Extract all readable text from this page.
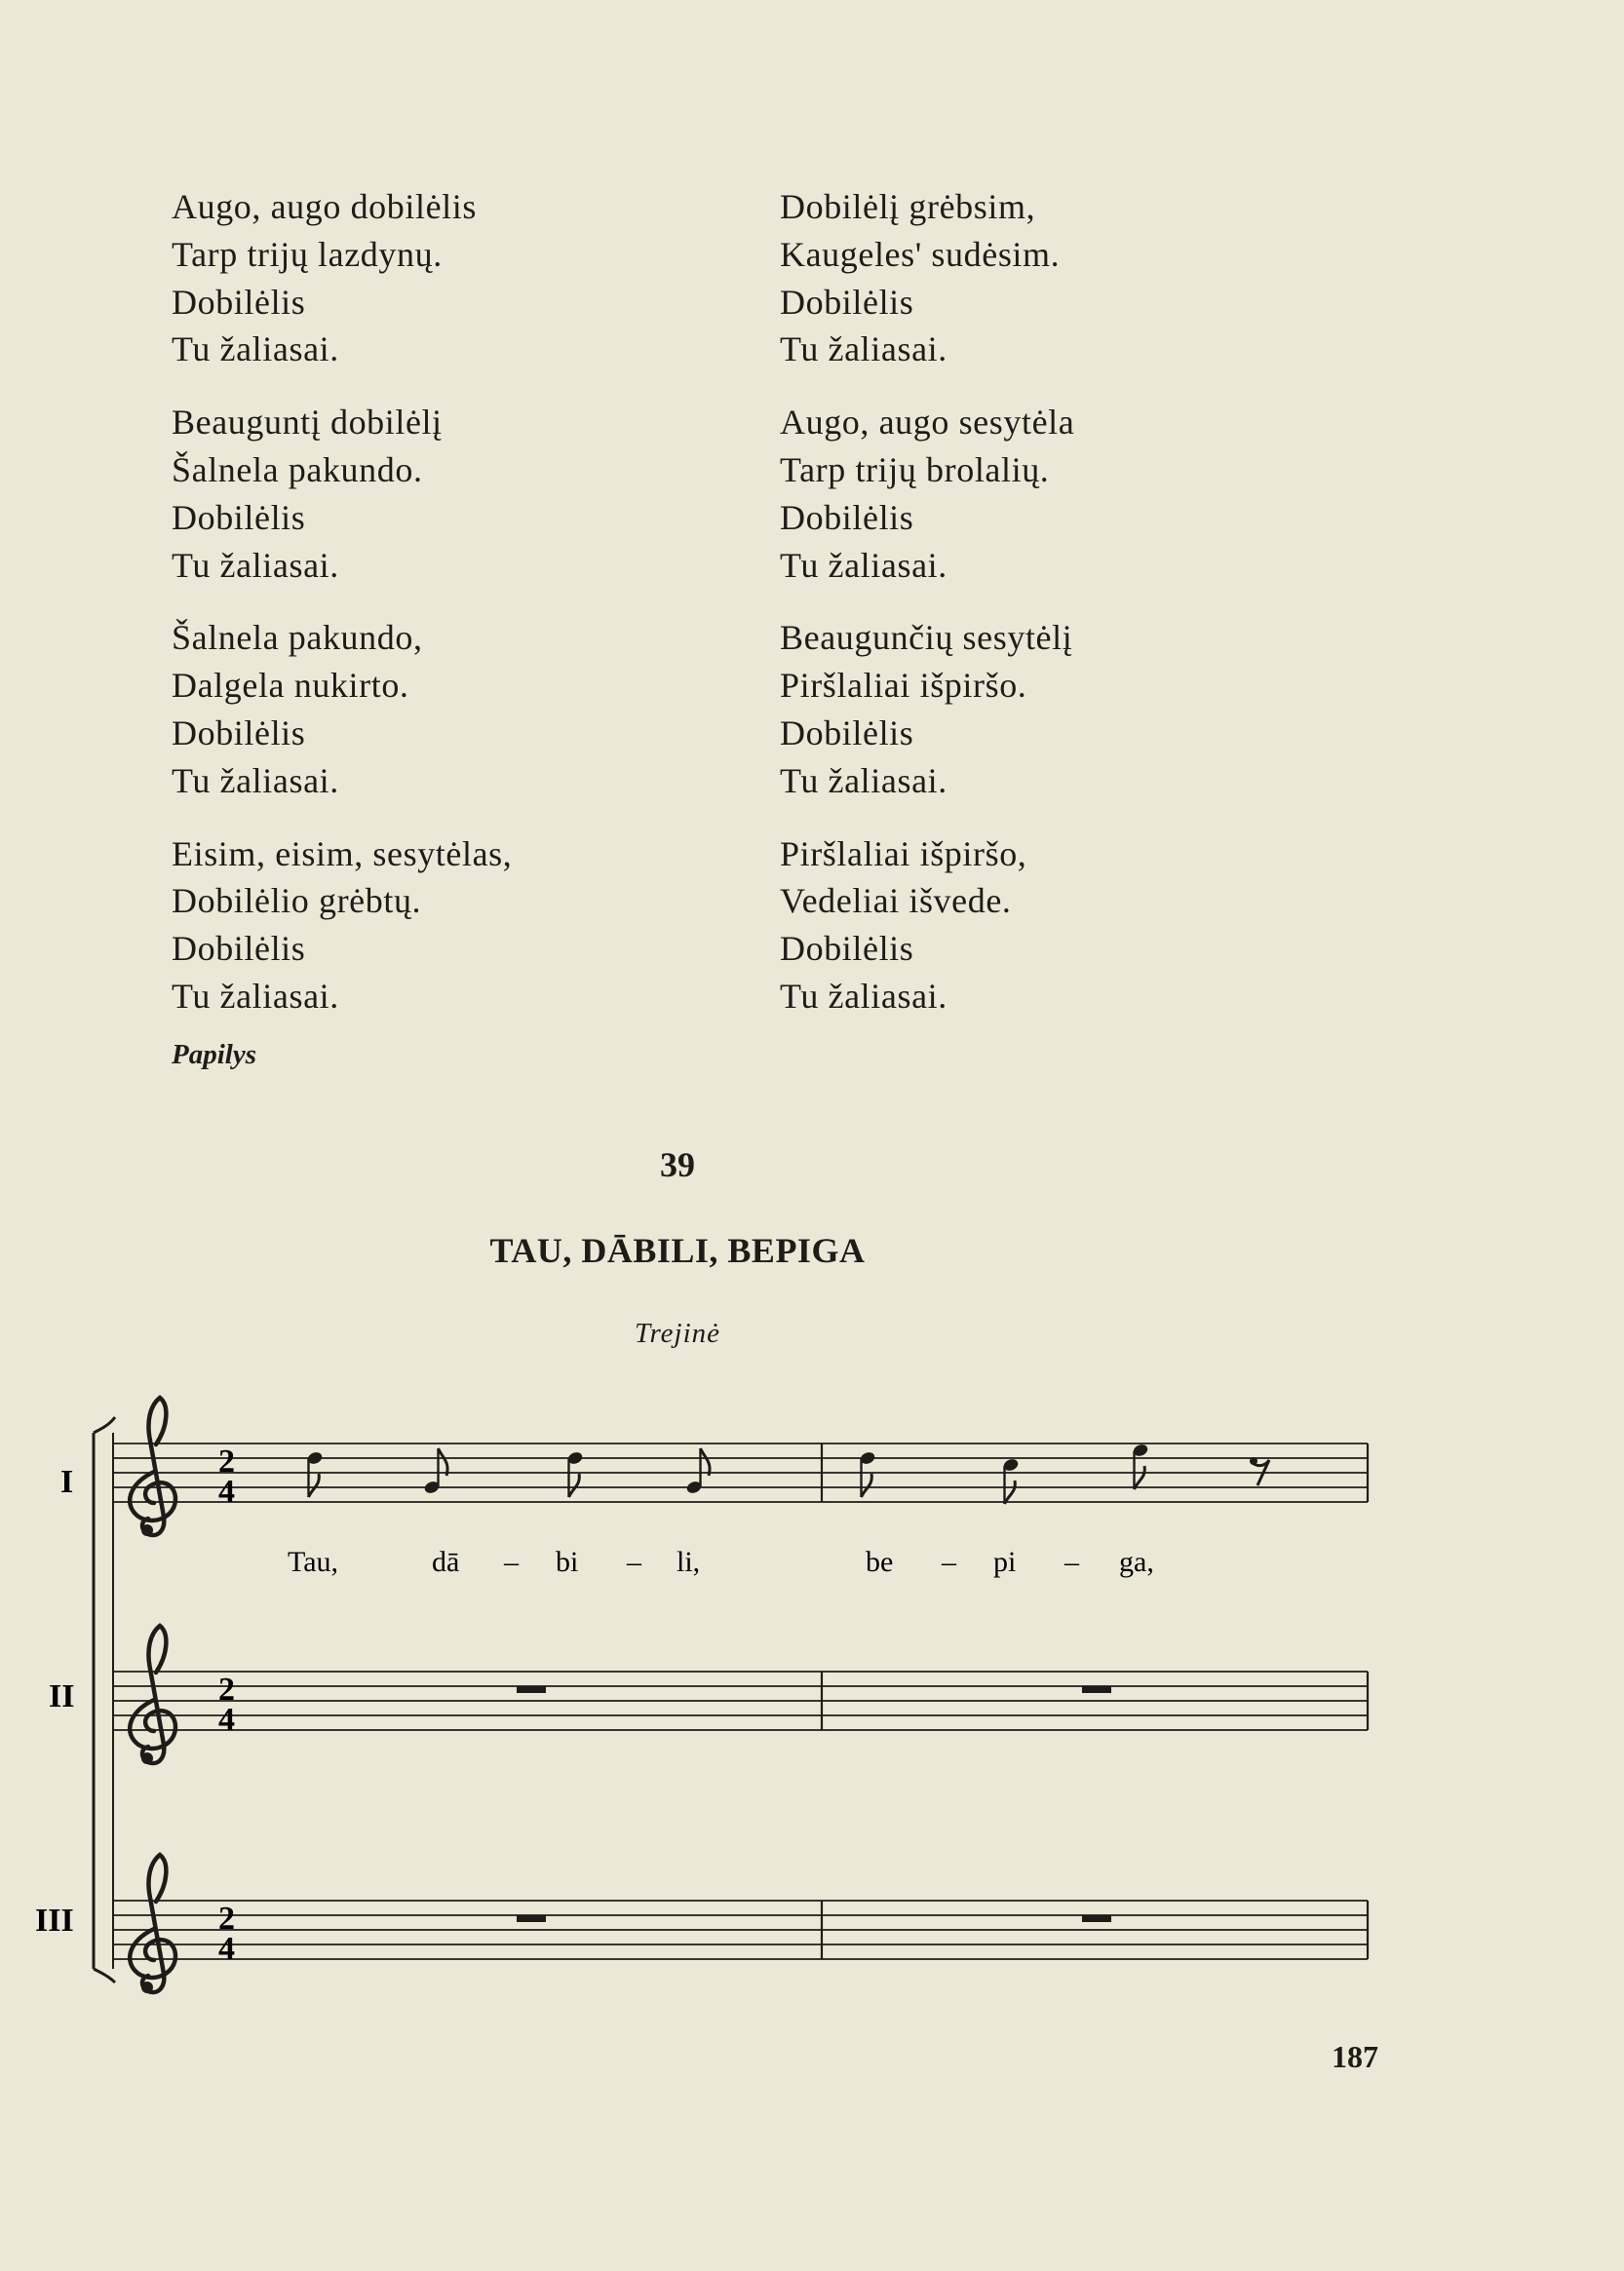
Augo, augo dobilėlis
Tarp trijų lazdynų.
Dobilėlis
Tu žaliasai.
Beauguntį dobilėlį
Šalnela pakundo.
Dobilėlis
Tu žaliasai.
Šalnela pakundo,
Dalgela nukirto.
Dobilėlis
Tu žaliasai.
Eisim, eisim, sesytėlas,
Dobilėlio grėbtų.
Dobilėlis
Tu žaliasai.
Dobilėlį grėbsim,
Kaugeles' sudėsim.
Dobilėlis
Tu žaliasai.
Augo, augo sesytėla
Tarp trijų brolalių.
Dobilėlis
Tu žaliasai.
Beaugunčių sesytėlį
Piršlaliai išpiršo.
Dobilėlis
Tu žaliasai.
Piršlaliai išpiršo,
Vedeliai išvede.
Dobilėlis
Tu žaliasai.
Papilys
39
TAU, DĀBILI, BEPIGA
Trejinė
I
II
III
2
4
Tau,	dā – bi – li,	be – pi – ga,
2
4
2
4
187
